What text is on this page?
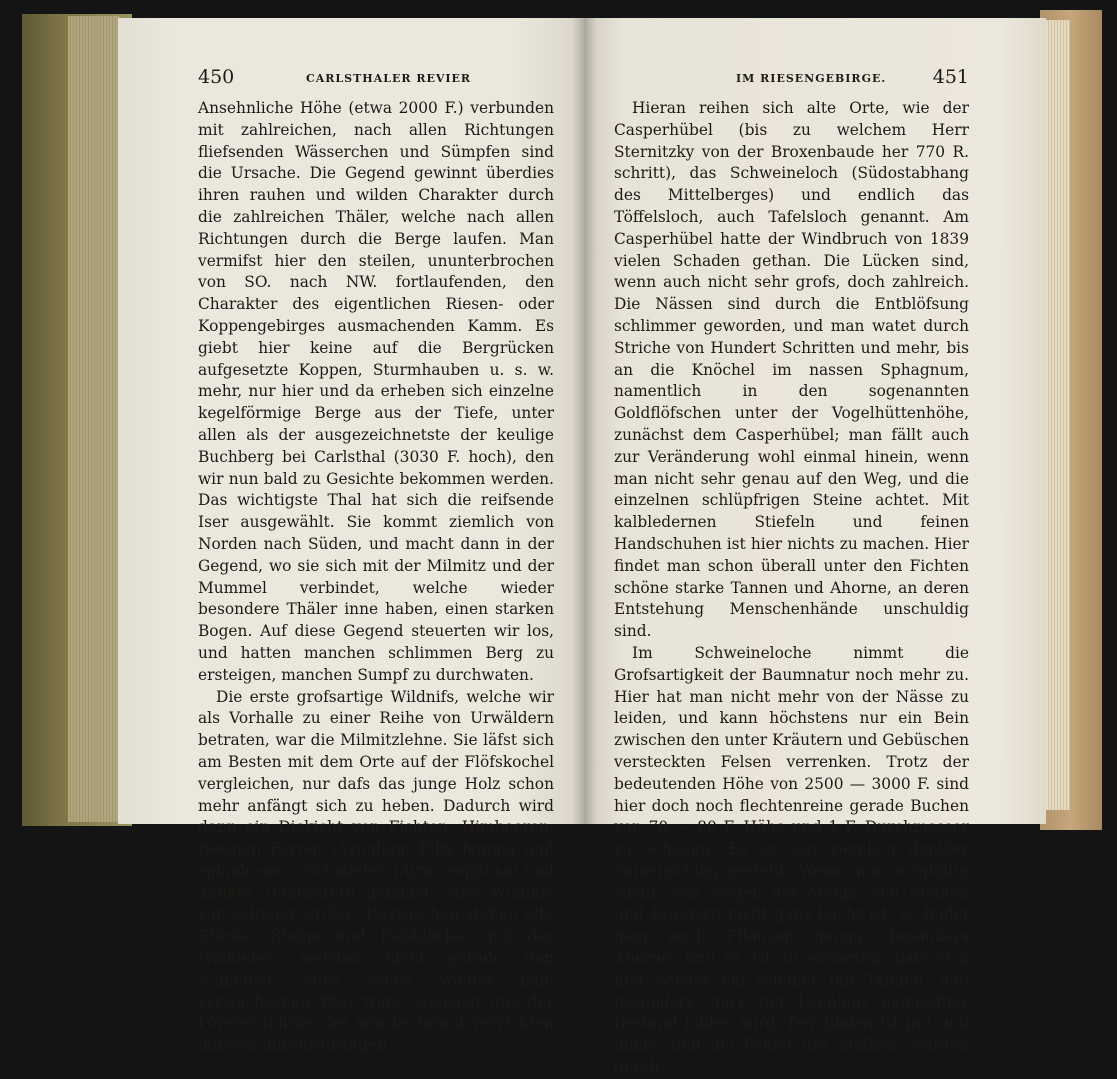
450	CARLSTHALER REVIER

Ansehnliche Höhe (etwa 2000 F.) verbunden mit zahlreichen, nach allen Richtungen fliefsenden Wässerchen und Sümpfen sind die Ursache. Die Gegend gewinnt überdies ihren rauhen und wilden Charakter durch die zahlreichen Thäler, welche nach allen Richtungen durch die Berge laufen. Man vermifst hier den steilen, ununterbrochen von SO. nach NW. fortlaufenden, den Charakter des eigentlichen Riesen- oder Koppengebirges ausmachenden Kamm. Es giebt hier keine auf die Bergrücken aufgesetzte Koppen, Sturmhauben u. s. w. mehr, nur hier und da erheben sich einzelne kegelförmige Berge aus der Tiefe, unter allen als der ausgezeichnetste der keulige Buchberg bei Carlsthal (3030 F. hoch), den wir nun bald zu Gesichte bekommen werden. Das wichtigste Thal hat sich die reifsende Iser ausgewählt. Sie kommt ziemlich von Norden nach Süden, und macht dann in der Gegend, wo sie sich mit der Milmitz und der Mummel verbindet, welche wieder besondere Thäler inne haben, einen starken Bogen. Auf diese Gegend steuerten wir los, und hatten manchen schlimmen Berg zu ersteigen, manchen Sumpf zu durchwaten.

Die erste grofsartige Wildnifs, welche wir als Vorhalle zu einer Reihe von Urwäldern betraten, war die Milmitzlehne. Sie läfst sich am Besten mit dem Orte auf der Flöfskochel vergleichen, nur dafs das junge Holz schon mehr anfängt sich zu heben. Dadurch wird dann ein Dickicht von Fichten, Himbeeren, riesigen Farren (Aspidium Filix femina und spinulosum), Schmielen (Aira cespitosa) und andern Unkräutern gebildet, eine Wildnifs von seltener Gröfse. Dazwischen stehen alte Stöcke, Steine und Felsblöcke, und der Wanderer, welcher nicht gerade den schmalen, auch schon wieder halb verwachsenen Weg träfe, welchen uns der Förster führte, der würde darauf verzichten müssen durchzudringen.

IM RIESENGEBIRGE. 451

Hieran reihen sich alte Orte, wie der Casperhübel (bis zu welchem Herr Sternitzky von der Broxenbaude her 770 R. schritt), das Schweineloch (Südostabhang des Mittelberges) und endlich das Töffelsloch, auch Tafelsloch genannt. Am Casperhübel hatte der Windbruch von 1839 vielen Schaden gethan. Die Lücken sind, wenn auch nicht sehr grofs, doch zahlreich. Die Nässen sind durch die Entblöfsung schlimmer geworden, und man watet durch Striche von Hundert Schritten und mehr, bis an die Knöchel im nassen Sphagnum, namentlich in den sogenannten Goldflöfschen unter der Vogelhüttenhöhe, zunächst dem Casperhübel; man fällt auch zur Veränderung wohl einmal hinein, wenn man nicht sehr genau auf den Weg, und die einzelnen schlüpfrigen Steine achtet. Mit kalbledernen Stiefeln und feinen Handschuhen ist hier nichts zu machen. Hier findet man schon überall unter den Fichten schöne starke Tannen und Ahorne, an deren Entstehung Menschenhände unschuldig sind.

Im Schweineloche nimmt die Grofsartigkeit der Baumnatur noch mehr zu. Hier hat man nicht mehr von der Nässe zu leiden, und kann höchstens nur ein Bein zwischen den unter Kräutern und Gebüschen versteckten Felsen verrenken. Trotz der bedeutenden Höhe von 2500 — 3000 F. sind hier doch noch flechtenreine gerade Buchen von 70 — 80 F. Höhe und 1 F. Durchmesser zu schauen. Es ist ein ziemlich dunkler Samenschlag gestellt. Wenn man sorgfältig sucht, was wegen der Menge von Steinen und Kräutern nicht ganz leicht ist, so findet man auch Pflanzen genug, besonders Ahorne, und es ist zu erwarten, dafs sich hier wieder ein schöner mit Tannen, und besonders stark mit Laubholz gemischter Bestand bilden wird. Der Boden ist gut und milde, und die Fehler der Südlage werden durch
